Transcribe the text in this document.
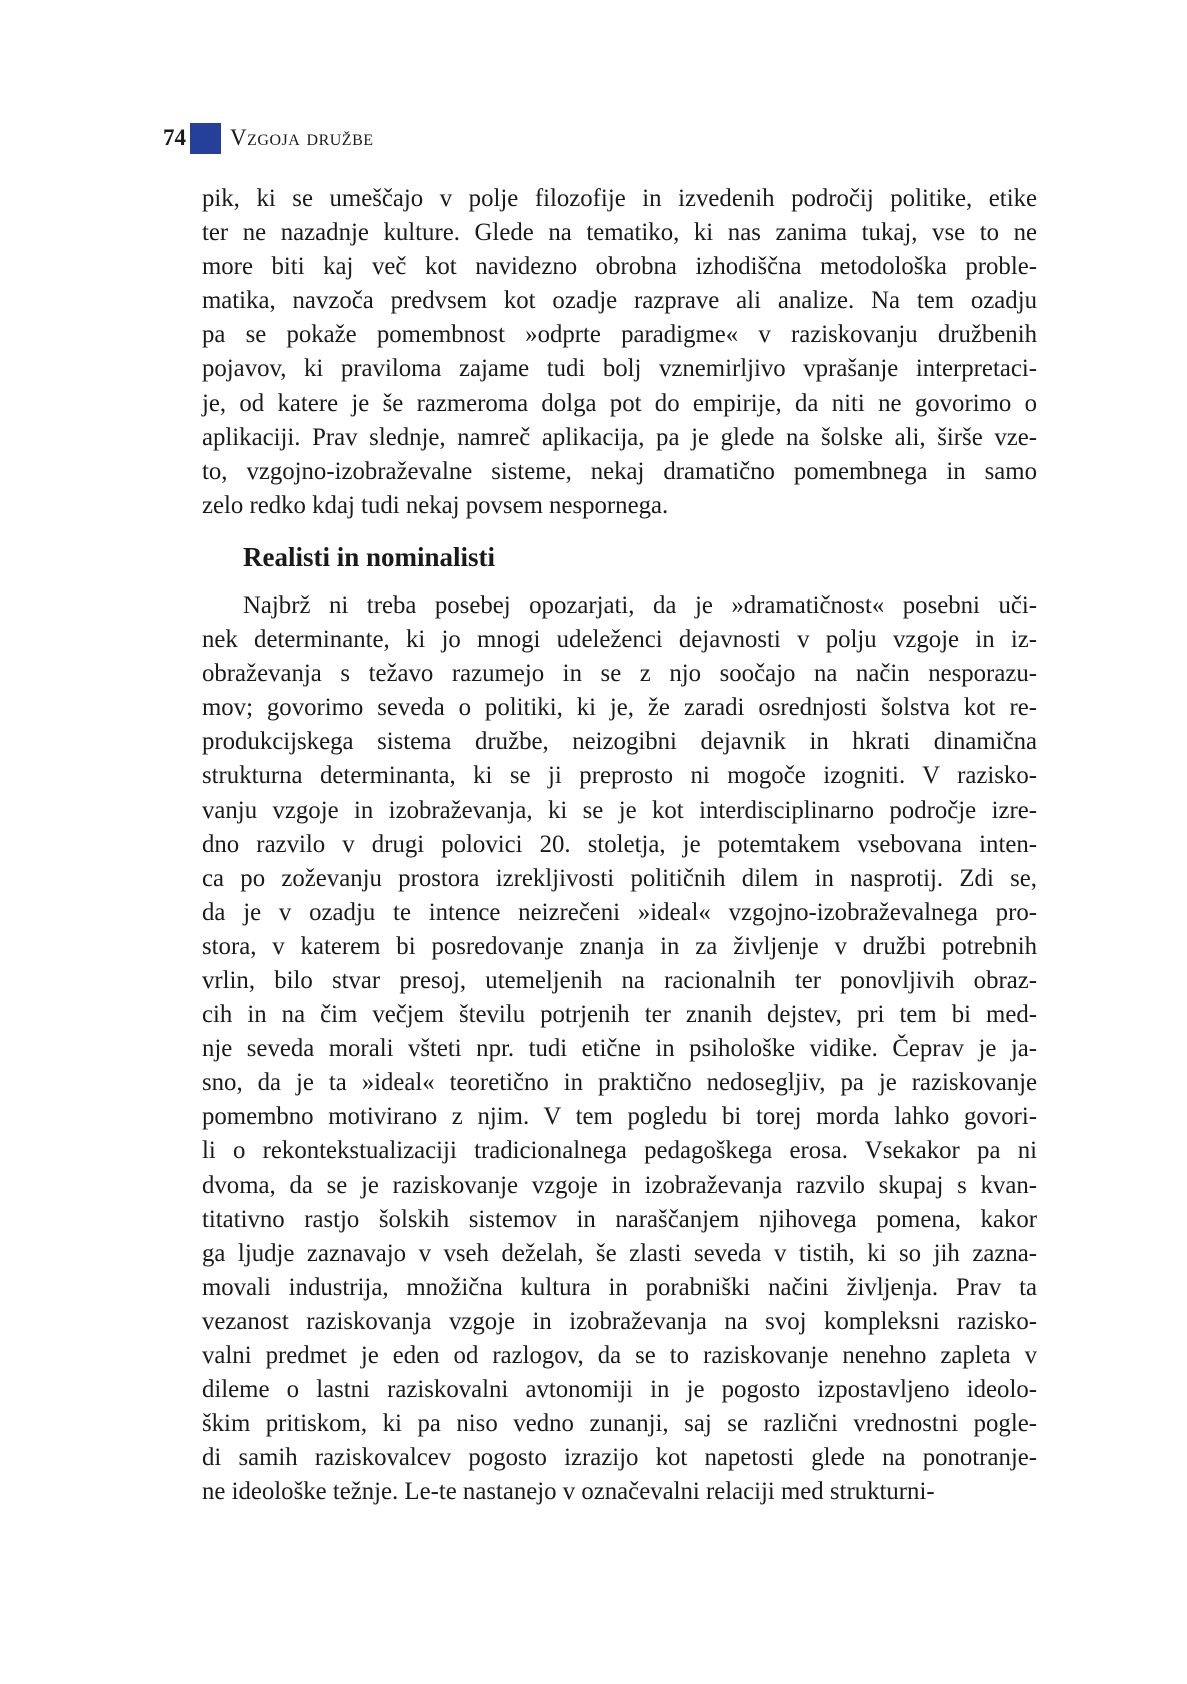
74 Vzgoja družbe

pik, ki se umeščajo v polje filozofije in izvedenih področij politike, etike
ter ne nazadnje kulture. Glede na tematiko, ki nas zanima tukaj, vse to ne
more biti kaj več kot navidezno obrobna izhodiščna metodološka proble-
matika, navzoča predvsem kot ozadje razprave ali analize. Na tem ozadju
pa se pokaže pomembnost »odprte paradigme« v raziskovanju družbenih
pojavov, ki praviloma zajame tudi bolj vznemirljivo vprašanje interpretaci-
je, od katere je še razmeroma dolga pot do empirije, da niti ne govorimo o
aplikaciji. Prav slednje, namreč aplikacija, pa je glede na šolske ali, širše vze-
to, vzgojno-izobraževalne sisteme, nekaj dramatično pomembnega in samo
zelo redko kdaj tudi nekaj povsem nespornega.

Realisti in nominalisti

Najbrž ni treba posebej opozarjati, da je »dramatičnost« posebni uči-
nek determinante, ki jo mnogi udeleženci dejavnosti v polju vzgoje in iz-
obraževanja s težavo razumejo in se z njo soočajo na način nesporazu-
mov; govorimo seveda o politiki, ki je, že zaradi osrednjosti šolstva kot re-
produkcijskega sistema družbe, neizogibni dejavnik in hkrati dinamična
strukturna determinanta, ki se ji preprosto ni mogoče izogniti. V razisko-
vanju vzgoje in izobraževanja, ki se je kot interdisciplinarno področje izre-
dno razvilo v drugi polovici 20. stoletja, je potemtakem vsebovana inten-
ca po zoževanju prostora izrekljivosti političnih dilem in nasprotij. Zdi se,
da je v ozadju te intence neizrečeni »ideal« vzgojno-izobraževalnega pro-
stora, v katerem bi posredovanje znanja in za življenje v družbi potrebnih
vrlin, bilo stvar presoj, utemeljenih na racionalnih ter ponovljivih obraz-
cih in na čim večjem številu potrjenih ter znanih dejstev, pri tem bi med-
nje seveda morali všteti npr. tudi etične in psihološke vidike. Čeprav je ja-
sno, da je ta »ideal« teoretično in praktično nedosegljiv, pa je raziskovanje
pomembno motivirano z njim. V tem pogledu bi torej morda lahko govori-
li o rekontekstualizaciji tradicionalnega pedagoškega erosa. Vsekakor pa ni
dvoma, da se je raziskovanje vzgoje in izobraževanja razvilo skupaj s kvan-
titativno rastjo šolskih sistemov in naraščanjem njihovega pomena, kakor
ga ljudje zaznavajo v vseh deželah, še zlasti seveda v tistih, ki so jih zazna-
movali industrija, množična kultura in porabniški načini življenja. Prav ta
vezanost raziskovanja vzgoje in izobraževanja na svoj kompleksni razisko-
valni predmet je eden od razlogov, da se to raziskovanje nenehno zapleta v
dileme o lastni raziskovalni avtonomiji in je pogosto izpostavljeno ideolo-
škim pritiskom, ki pa niso vedno zunanji, saj se različni vrednostni pogle-
di samih raziskovalcev pogosto izrazijo kot napetosti glede na ponotranje-
ne ideološke težnje. Le-te nastanejo v označevalni relaciji med strukturni-
